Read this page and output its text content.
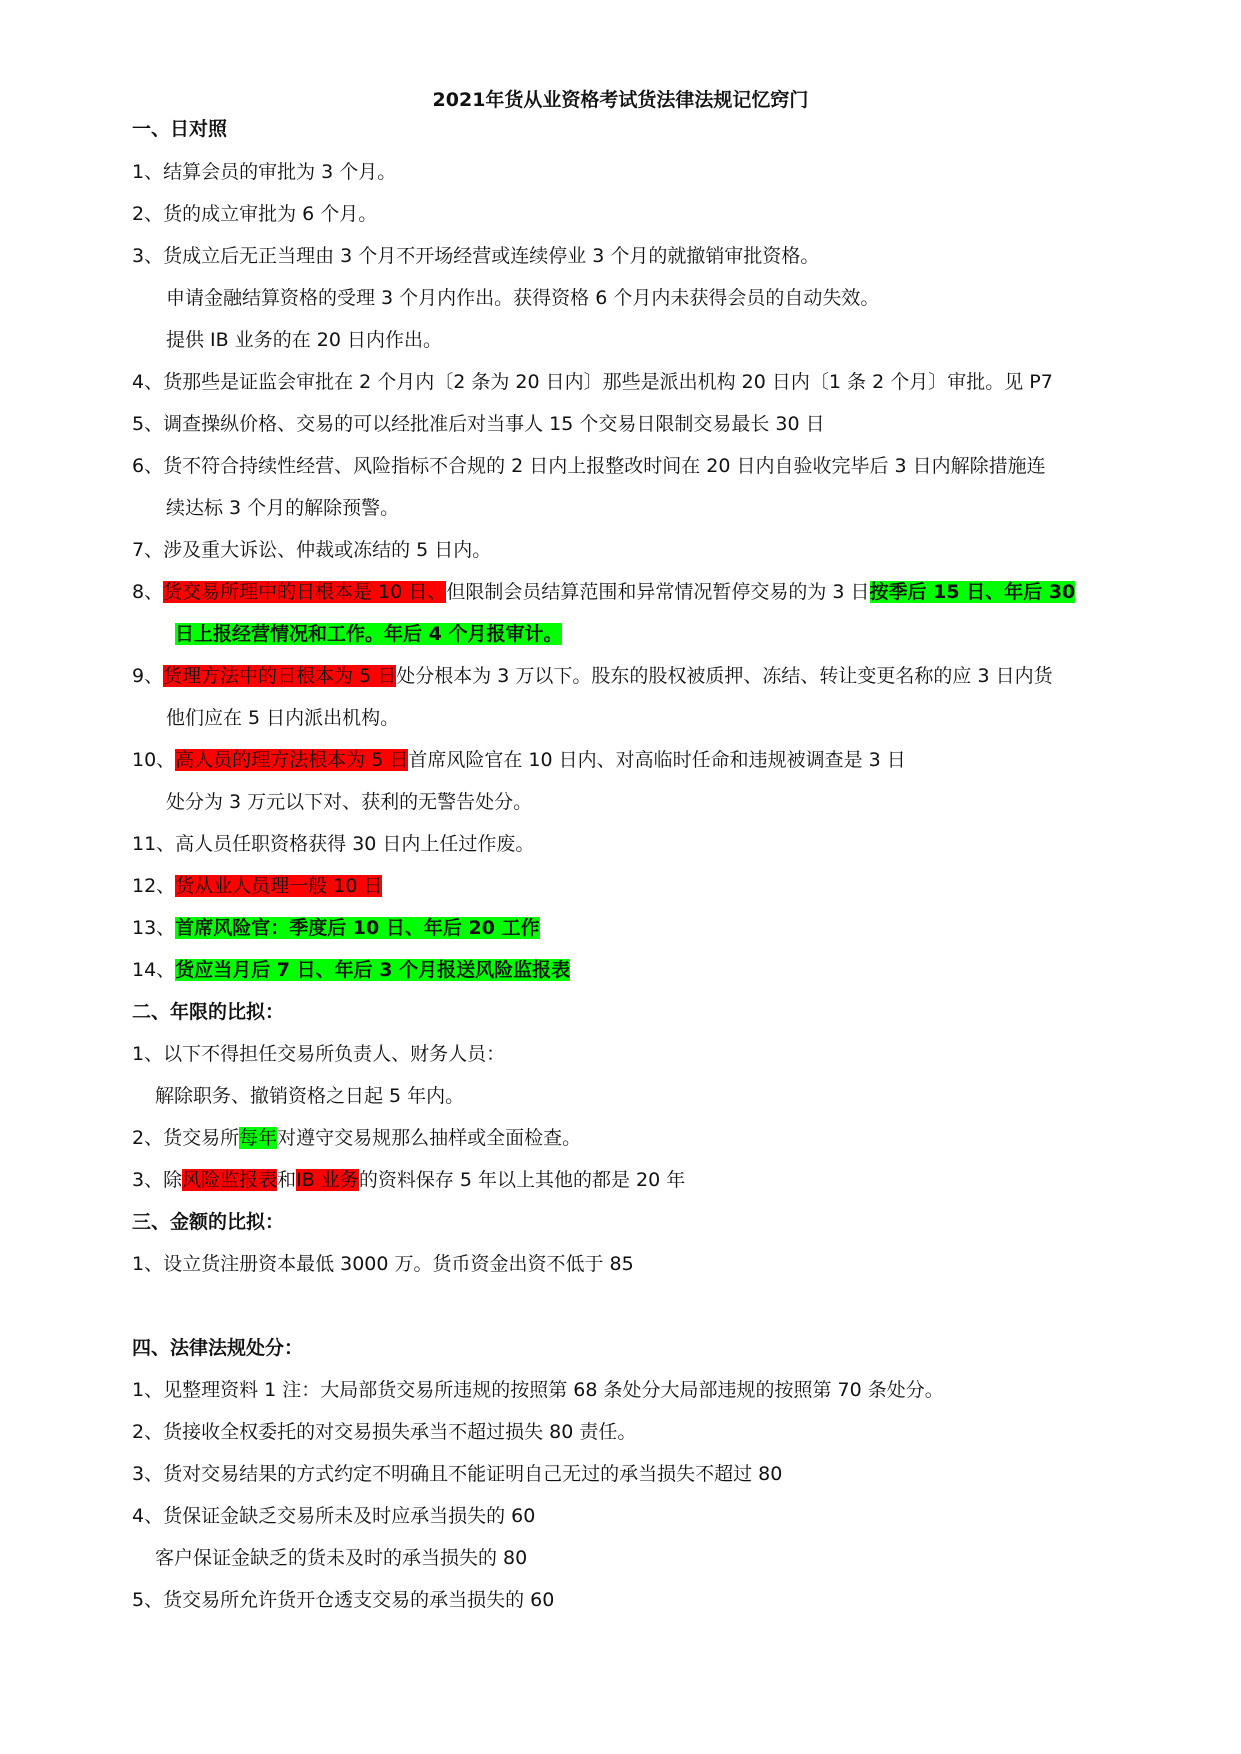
2021年货从业资格考试货法律法规记忆窍门
一、日对照
1、结算会员的审批为 3 个月。
2、货的成立审批为 6 个月。
3、货成立后无正当理由 3 个月不开场经营或连续停业 3 个月的就撤销审批资格。
申请金融结算资格的受理 3 个月内作出。获得资格 6 个月内未获得会员的自动失效。
提供 IB 业务的在 20 日内作出。
4、货那些是证监会审批在 2 个月内〔2 条为 20 日内〕那些是派出机构 20 日内〔1 条 2 个月〕审批。见 P7
5、调查操纵价格、交易的可以经批准后对当事人 15 个交易日限制交易最长 30 日
6、货不符合持续性经营、风险指标不合规的 2 日内上报整改时间在 20 日内自验收完毕后 3 日内解除措施连
续达标 3 个月的解除预警。
7、涉及重大诉讼、仲裁或冻结的 5 日内。
8、货交易所理中的日根本是 10 日、但限制会员结算范围和异常情况暂停交易的为 3 日按季后 15 日、年后 30
日上报经营情况和工作。年后 4 个月报审计。
9、货理方法中的日根本为 5 日处分根本为 3 万以下。股东的股权被质押、冻结、转让变更名称的应 3 日内货
他们应在 5 日内派出机构。
10、高人员的理方法根本为 5 日首席风险官在 10 日内、对高临时任命和违规被调查是 3 日
处分为 3 万元以下对、获利的无警告处分。
11、高人员任职资格获得 30 日内上任过作废。
12、货从业人员理一般 10 日
13、首席风险官：季度后 10 日、年后 20 工作
14、货应当月后 7 日、年后 3 个月报送风险监报表
二、年限的比拟：
1、以下不得担任交易所负责人、财务人员：
解除职务、撤销资格之日起 5 年内。
2、货交易所每年对遵守交易规那么抽样或全面检查。
3、除风险监报表和IB 业务的资料保存 5 年以上其他的都是 20 年
三、金额的比拟：
1、设立货注册资本最低 3000 万。货币资金出资不低于 85
四、法律法规处分：
1、见整理资料 1 注：大局部货交易所违规的按照第 68 条处分大局部违规的按照第 70 条处分。
2、货接收全权委托的对交易损失承当不超过损失 80 责任。
3、货对交易结果的方式约定不明确且不能证明自己无过的承当损失不超过 80
4、货保证金缺乏交易所未及时应承当损失的 60
客户保证金缺乏的货未及时的承当损失的 80
5、货交易所允许货开仓透支交易的承当损失的 60
